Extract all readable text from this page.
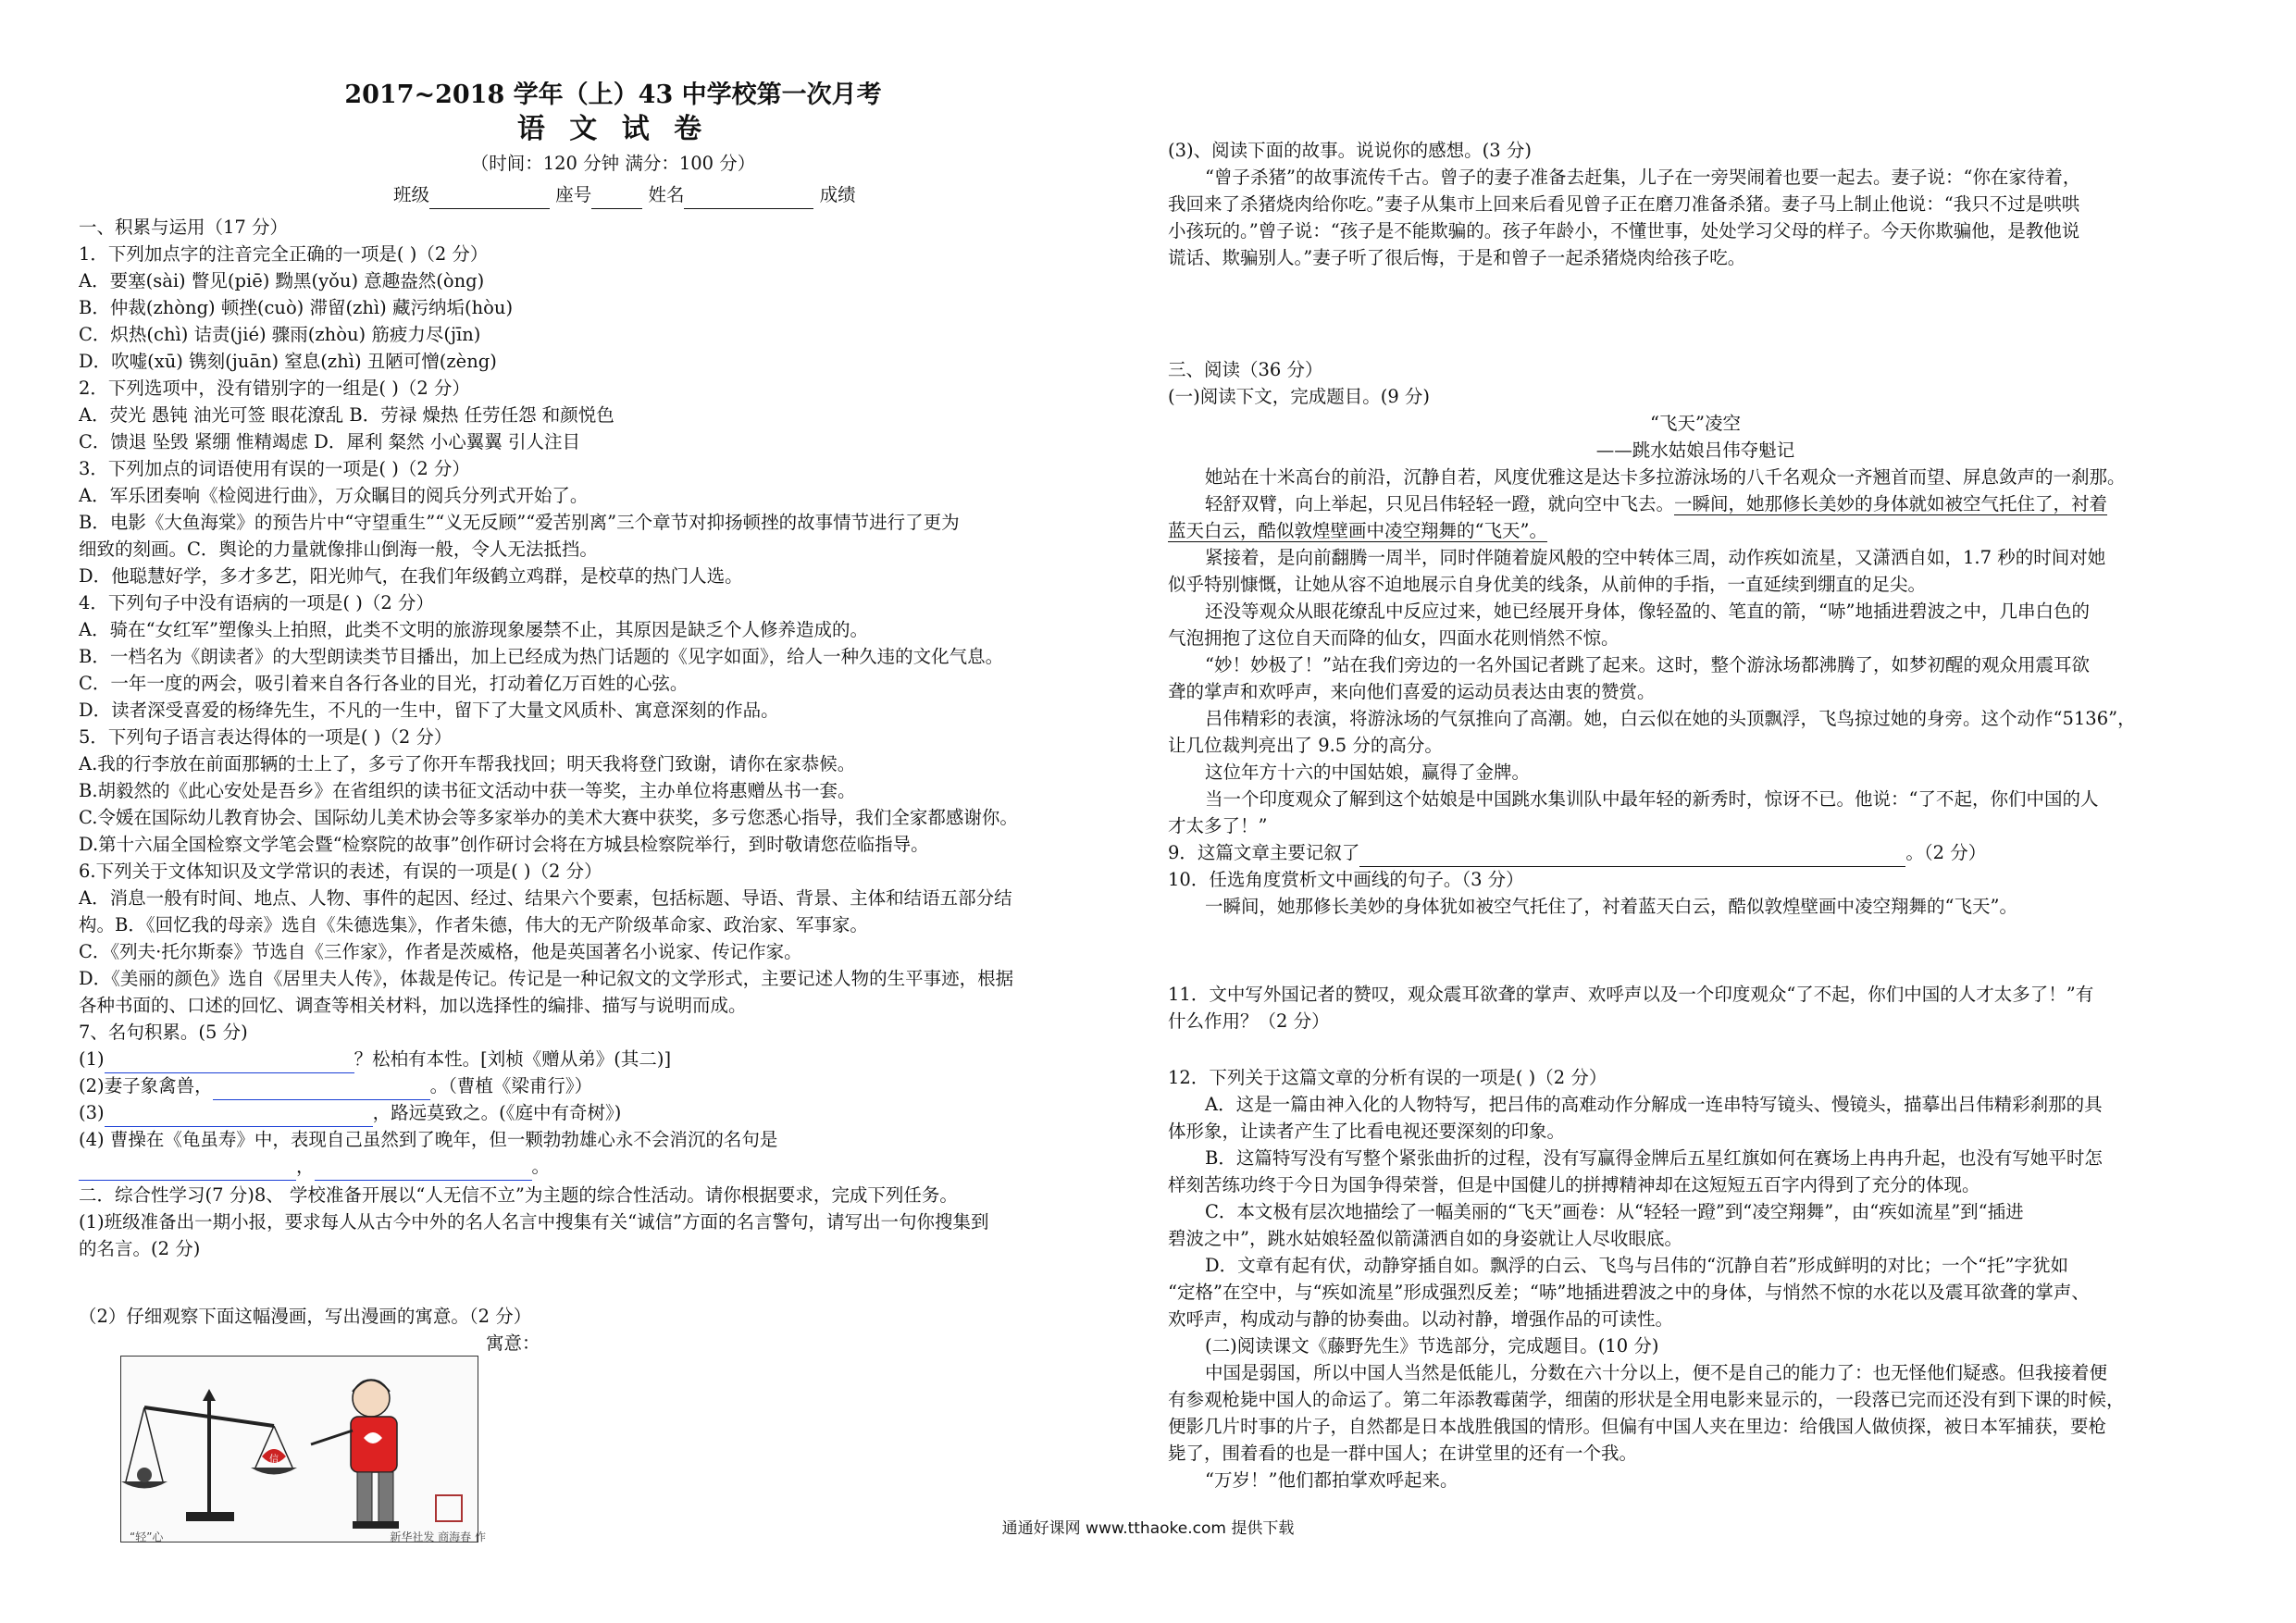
2017~2018 学年（上）43 中学校第一次月考
语 文 试 卷
（时间：120 分钟 满分：100 分）
班级	座号	姓名	成绩
一、积累与运用（17 分）
1．下列加点字的注音完全正确的一项是( )（2 分）
A．要塞(sài) 瞥见(piē) 黝黑(yǒu) 意趣盎然(òng)
B．仲裁(zhòng) 顿挫(cuò) 滞留(zhì) 藏污纳垢(hòu)
C．炽热(chì) 诘责(jié) 骤雨(zhòu) 筋疲力尽(jīn)
D．吹嘘(xū) 镌刻(juān) 窒息(zhì) 丑陋可憎(zèng)
2．下列选项中，没有错别字的一组是( )（2 分）
A．荧光 愚钝 油光可签 眼花潦乱 B．劳禄 燥热 任劳任怨 和颜悦色
C．馈退 坠毁 紧绷 惟精竭虑 D．犀利 粲然 小心翼翼 引人注目
3．下列加点的词语使用有误的一项是( )（2 分）
A．军乐团奏响《检阅进行曲》，万众瞩目的阅兵分列式开始了。
B．电影《大鱼海棠》的预告片中“守望重生”“义无反顾”“爱苦别离”三个章节对抑扬顿挫的故事情节进行了更为
细致的刻画。C．舆论的力量就像排山倒海一般，令人无法抵挡。
D．他聪慧好学，多才多艺，阳光帅气，在我们年级鹤立鸡群，是校草的热门人选。
4．下列句子中没有语病的一项是( )（2 分）
A．骑在“女红军”塑像头上拍照，此类不文明的旅游现象屡禁不止，其原因是缺乏个人修养造成的。
B．一档名为《朗读者》的大型朗读类节目播出，加上已经成为热门话题的《见字如面》，给人一种久违的文化气息。
C．一年一度的两会，吸引着来自各行各业的目光，打动着亿万百姓的心弦。
D．读者深受喜爱的杨绛先生，不凡的一生中，留下了大量文风质朴、寓意深刻的作品。
5．下列句子语言表达得体的一项是( )（2 分）
A.我的行李放在前面那辆的士上了，多亏了你开车帮我找回；明天我将登门致谢，请你在家恭候。
B.胡毅然的《此心安处是吾乡》在省组织的读书征文活动中获一等奖，主办单位将惠赠丛书一套。
C.令媛在国际幼儿教育协会、国际幼儿美术协会等多家举办的美术大赛中获奖，多亏您悉心指导，我们全家都感谢你。
D.第十六届全国检察文学笔会暨“检察院的故事”创作研讨会将在方城县检察院举行，到时敬请您莅临指导。
6.下列关于文体知识及文学常识的表述，有误的一项是( )（2 分）
A．消息一般有时间、地点、人物、事件的起因、经过、结果六个要素，包括标题、导语、背景、主体和结语五部分结
构。B．《回忆我的母亲》选自《朱德选集》，作者朱德，伟大的无产阶级革命家、政治家、军事家。
C．《列夫·托尔斯泰》节选自《三作家》，作者是茨威格，他是英国著名小说家、传记作家。
D．《美丽的颜色》选自《居里夫人传》，体裁是传记。传记是一种记叙文的文学形式，主要记述人物的生平事迹，根据
各种书面的、口述的回忆、调查等相关材料，加以选择性的编排、描写与说明而成。
7、名句积累。(5 分)
(1)	？松柏有本性。[刘桢《赠从弟》(其二)]
(2)妻子象禽兽，	。（曹植《梁甫行》）
(3)	，路远莫致之。(《庭中有奇树》)
(4) 曹操在《龟虽寿》中，表现自己虽然到了晚年，但一颗勃勃雄心永不会消沉的名句是
，	。
二．综合性学习(7 分)8、 学校准备开展以“人无信不立”为主题的综合性活动。请你根据要求，完成下列任务。
(1)班级准备出一期小报，要求每人从古今中外的名人名言中搜集有关“诚信”方面的名言警句，请写出一句你搜集到
的名言。(2 分)
（2）仔细观察下面这幅漫画，写出漫画的寓意。（2 分）
寓意：
信
“轻”心	新华社发 商海春 作
(3)、阅读下面的故事。说说你的感想。(3 分)
“曾子杀猪”的故事流传千古。曾子的妻子准备去赶集，儿子在一旁哭闹着也要一起去。妻子说：“你在家待着，
我回来了杀猪烧肉给你吃。”妻子从集市上回来后看见曾子正在磨刀准备杀猪。妻子马上制止他说：“我只不过是哄哄
小孩玩的。”曾子说：“孩子是不能欺骗的。孩子年龄小，不懂世事，处处学习父母的样子。今天你欺骗他，是教他说
谎话、欺骗别人。”妻子听了很后悔，于是和曾子一起杀猪烧肉给孩子吃。
三、阅读（36 分）
(一)阅读下文，完成题目。(9 分)
“飞天”凌空
——跳水姑娘吕伟夺魁记
她站在十米高台的前沿，沉静自若，风度优雅这是达卡多拉游泳场的八千名观众一齐翘首而望、屏息敛声的一刹那。
轻舒双臂，向上举起，只见吕伟轻轻一蹬，就向空中飞去。一瞬间，她那修长美妙的身体就如被空气托住了，衬着
蓝天白云，酷似敦煌壁画中凌空翔舞的“飞天”。
紧接着，是向前翻腾一周半，同时伴随着旋风般的空中转体三周，动作疾如流星，又潇洒自如，1.7 秒的时间对她
似乎特别慷慨，让她从容不迫地展示自身优美的线条，从前伸的手指，一直延续到绷直的足尖。
还没等观众从眼花缭乱中反应过来，她已经展开身体，像轻盈的、笔直的箭，“哧”地插进碧波之中，几串白色的
气泡拥抱了这位自天而降的仙女，四面水花则悄然不惊。
“妙！妙极了！”站在我们旁边的一名外国记者跳了起来。这时，整个游泳场都沸腾了，如梦初醒的观众用震耳欲
聋的掌声和欢呼声，来向他们喜爱的运动员表达由衷的赞赏。
吕伟精彩的表演，将游泳场的气氛推向了高潮。她，白云似在她的头顶飘浮，飞鸟掠过她的身旁。这个动作“5136”，
让几位裁判亮出了 9.5 分的高分。
这位年方十六的中国姑娘，赢得了金牌。
当一个印度观众了解到这个姑娘是中国跳水集训队中最年轻的新秀时，惊讶不已。他说：“了不起，你们中国的人
才太多了！”
9．这篇文章主要记叙了	。（2 分）
10．任选角度赏析文中画线的句子。（3 分）
一瞬间，她那修长美妙的身体犹如被空气托住了，衬着蓝天白云，酷似敦煌壁画中凌空翔舞的“飞天”。
11．文中写外国记者的赞叹，观众震耳欲聋的掌声、欢呼声以及一个印度观众“了不起，你们中国的人才太多了！”有
什么作用？（2 分）
12．下列关于这篇文章的分析有误的一项是( )（2 分）
A．这是一篇由神入化的人物特写，把吕伟的高难动作分解成一连串特写镜头、慢镜头，描摹出吕伟精彩刹那的具
体形象，让读者产生了比看电视还要深刻的印象。
B．这篇特写没有写整个紧张曲折的过程，没有写赢得金牌后五星红旗如何在赛场上冉冉升起，也没有写她平时怎
样刻苦练功终于今日为国争得荣誉，但是中国健儿的拼搏精神却在这短短五百字内得到了充分的体现。
C．本文极有层次地描绘了一幅美丽的“飞天”画卷：从“轻轻一蹬”到“凌空翔舞”，由“疾如流星”到“插进
碧波之中”，跳水姑娘轻盈似箭潇洒自如的身姿就让人尽收眼底。
D．文章有起有伏，动静穿插自如。飘浮的白云、飞鸟与吕伟的“沉静自若”形成鲜明的对比；一个“托”字犹如
“定格”在空中，与“疾如流星”形成强烈反差；“哧”地插进碧波之中的身体，与悄然不惊的水花以及震耳欲聋的掌声、
欢呼声，构成动与静的协奏曲。以动衬静，增强作品的可读性。
(二)阅读课文《藤野先生》节选部分，完成题目。(10 分)
中国是弱国，所以中国人当然是低能儿，分数在六十分以上，便不是自己的能力了：也无怪他们疑惑。但我接着便
有参观枪毙中国人的命运了。第二年添教霉菌学，细菌的形状是全用电影来显示的，一段落已完而还没有到下课的时候，
便影几片时事的片子，自然都是日本战胜俄国的情形。但偏有中国人夹在里边：给俄国人做侦探，被日本军捕获，要枪
毙了，围着看的也是一群中国人；在讲堂里的还有一个我。
“万岁！”他们都拍掌欢呼起来。
通通好课网 www.tthaoke.com 提供下载
